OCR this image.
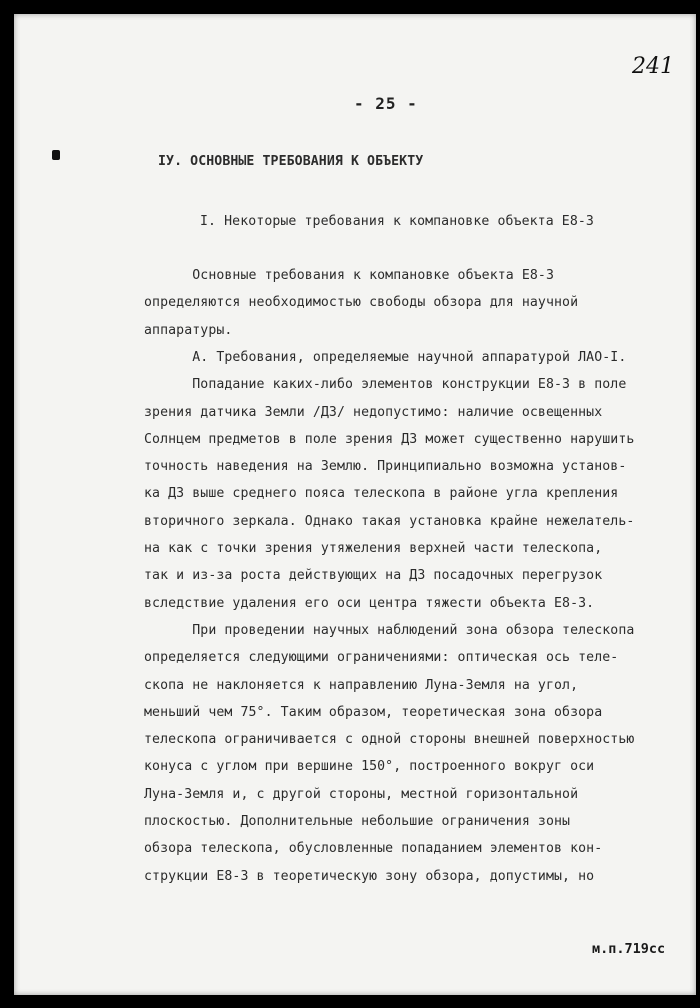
241
- 25 -
IУ. ОСНОВНЫЕ ТРЕБОВАНИЯ К ОБЪЕКТУ
I. Некоторые требования к компановке объекта Е8-3
Основные требования к компановке объекта Е8-3
определяются необходимостью свободы обзора для научной
аппаратуры.
А. Требования, определяемые научной аппаратурой ЛАО-I.
Попадание каких-либо элементов конструкции Е8-3 в поле
зрения датчика Земли /ДЗ/ недопустимо: наличие освещенных
Солнцем предметов в поле зрения ДЗ может существенно нарушить
точность наведения на Землю. Принципиально возможна установ-
ка ДЗ выше среднего пояса телескопа в районе угла крепления
вторичного зеркала. Однако такая установка крайне нежелатель-
на как с точки зрения утяжеления верхней части телескопа,
так и из-за роста действующих на ДЗ посадочных перегрузок
вследствие удаления его оси центра тяжести объекта Е8-3.
При проведении научных наблюдений зона обзора телескопа
определяется следующими ограничениями: оптическая ось теле-
скопа не наклоняется к направлению Луна-Земля на угол,
меньший чем 75°. Таким образом, теоретическая зона обзора
телескопа ограничивается с одной стороны внешней поверхностью
конуса с углом при вершине 150°, построенного вокруг оси
Луна-Земля и, с другой стороны, местной горизонтальной
плоскостью. Дополнительные небольшие ограничения зоны
обзора телескопа, обусловленные попаданием элементов кон-
струкции Е8-3 в теоретическую зону обзора, допустимы, но
м.п.719сс
